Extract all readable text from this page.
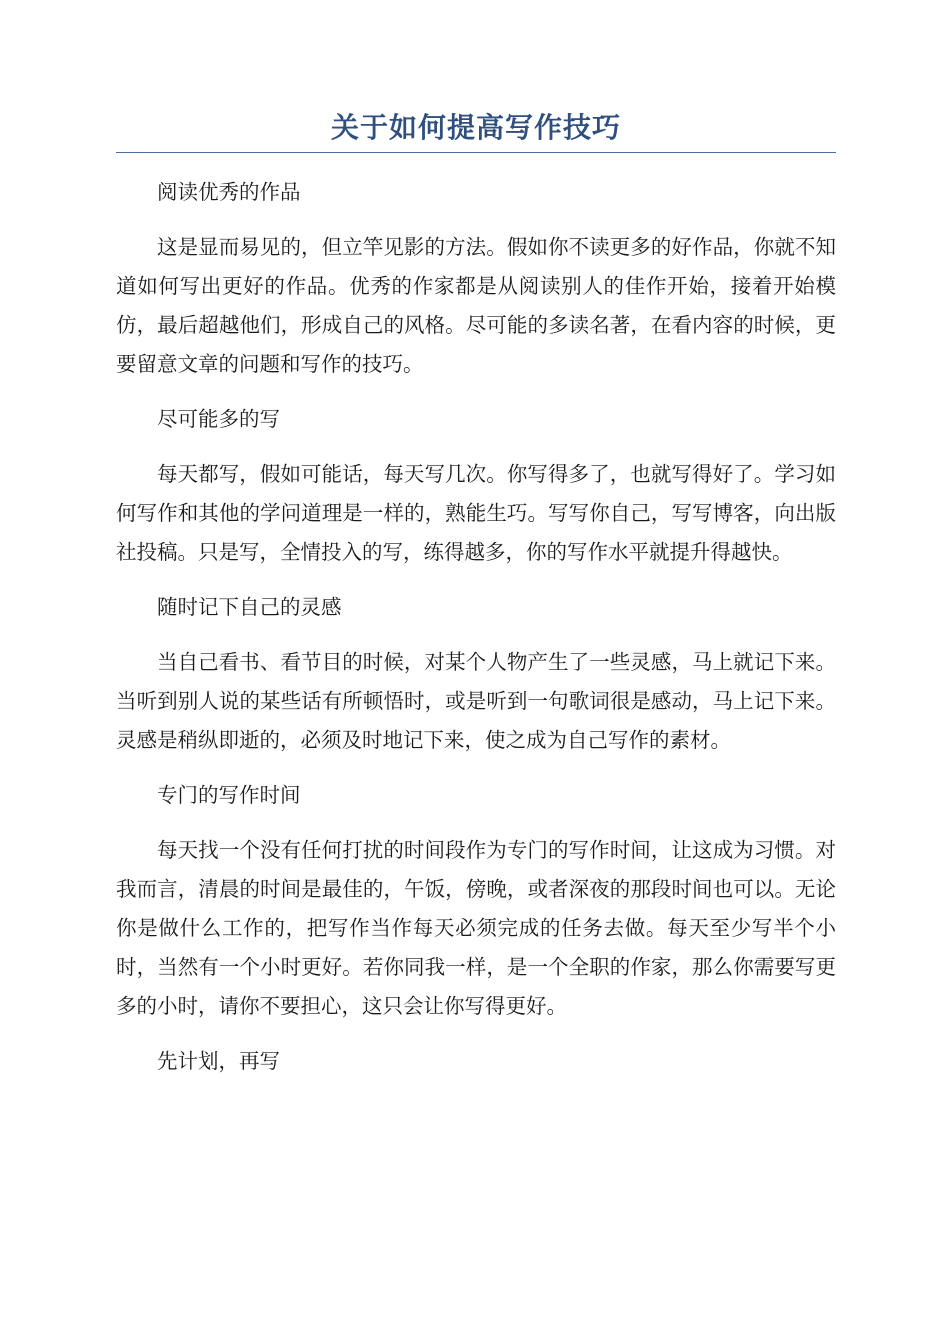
关于如何提高写作技巧

阅读优秀的作品

这是显而易见的，但立竿见影的方法。假如你不读更多的好作品，你就不知道如何写出更好的作品。优秀的作家都是从阅读别人的佳作开始，接着开始模仿，最后超越他们，形成自己的风格。尽可能的多读名著，在看内容的时候，更要留意文章的问题和写作的技巧。

尽可能多的写

每天都写，假如可能话，每天写几次。你写得多了，也就写得好了。学习如何写作和其他的学问道理是一样的，熟能生巧。写写你自己，写写博客，向出版社投稿。只是写，全情投入的写，练得越多，你的写作水平就提升得越快。

随时记下自己的灵感

当自己看书、看节目的时候，对某个人物产生了一些灵感，马上就记下来。当听到别人说的某些话有所顿悟时，或是听到一句歌词很是感动，马上记下来。灵感是稍纵即逝的，必须及时地记下来，使之成为自己写作的素材。

专门的写作时间

每天找一个没有任何打扰的时间段作为专门的写作时间，让这成为习惯。对我而言，清晨的时间是最佳的，午饭，傍晚，或者深夜的那段时间也可以。无论你是做什么工作的，把写作当作每天必须完成的任务去做。每天至少写半个小时，当然有一个小时更好。若你同我一样，是一个全职的作家，那么你需要写更多的小时，请你不要担心，这只会让你写得更好。

先计划，再写
